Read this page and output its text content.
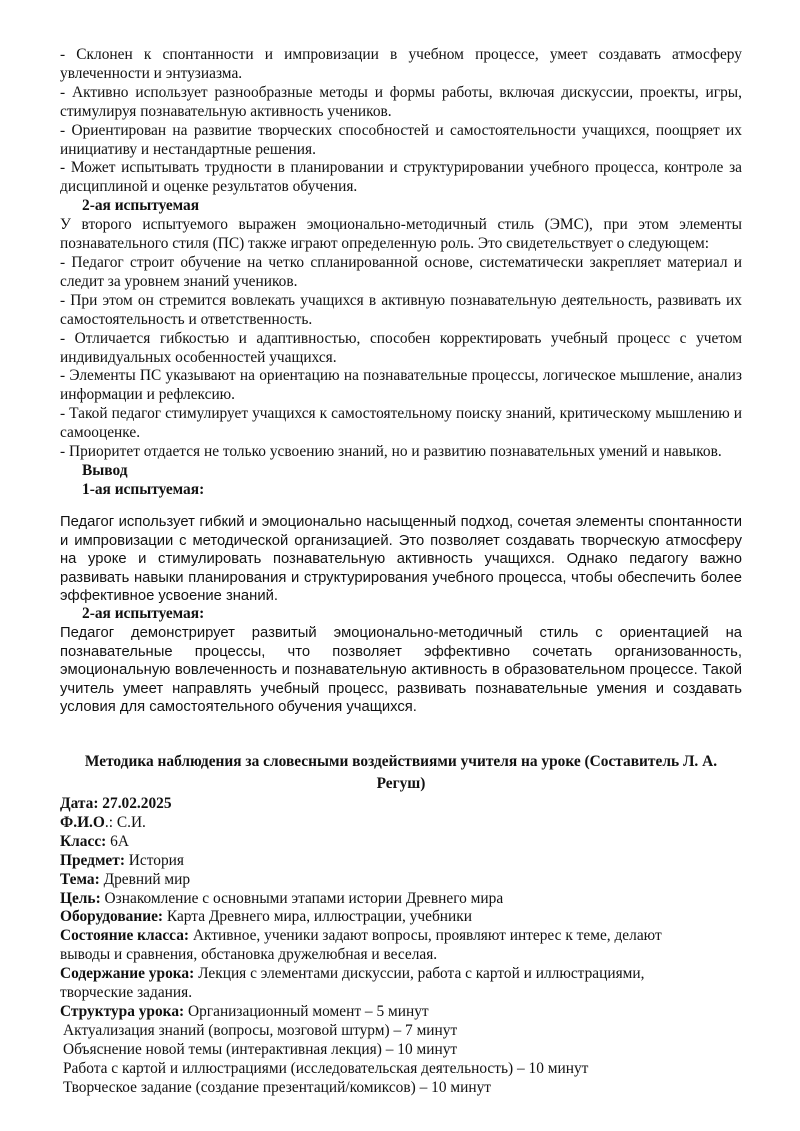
- Склонен к спонтанности и импровизации в учебном процессе, умеет создавать атмосферу увлеченности и энтузиазма.
- Активно использует разнообразные методы и формы работы, включая дискуссии, проекты, игры, стимулируя познавательную активность учеников.
- Ориентирован на развитие творческих способностей и самостоятельности учащихся, поощряет их инициативу и нестандартные решения.
- Может испытывать трудности в планировании и структурировании учебного процесса, контроле за дисциплиной и оценке результатов обучения.
2-ая испытуемая
У второго испытуемого выражен эмоционально-методичный стиль (ЭМС), при этом элементы познавательного стиля (ПС) также играют определенную роль. Это свидетельствует о следующем:
- Педагог строит обучение на четко спланированной основе, систематически закрепляет материал и следит за уровнем знаний учеников.
- При этом он стремится вовлекать учащихся в активную познавательную деятельность, развивать их самостоятельность и ответственность.
- Отличается гибкостью и адаптивностью, способен корректировать учебный процесс с учетом индивидуальных особенностей учащихся.
- Элементы ПС указывают на ориентацию на познавательные процессы, логическое мышление, анализ информации и рефлексию.
- Такой педагог стимулирует учащихся к самостоятельному поиску знаний, критическому мышлению и самооценке.
- Приоритет отдается не только усвоению знаний, но и развитию познавательных умений и навыков.
Вывод
1-ая испытуемая:
Педагог использует гибкий и эмоционально насыщенный подход, сочетая элементы спонтанности и импровизации с методической организацией. Это позволяет создавать творческую атмосферу на уроке и стимулировать познавательную активность учащихся. Однако педагогу важно развивать навыки планирования и структурирования учебного процесса, чтобы обеспечить более эффективное усвоение знаний.
2-ая испытуемая:
Педагог демонстрирует развитый эмоционально-методичный стиль с ориентацией на познавательные процессы, что позволяет эффективно сочетать организованность, эмоциональную вовлеченность и познавательную активность в образовательном процессе. Такой учитель умеет направлять учебный процесс, развивать познавательные умения и создавать условия для самостоятельного обучения учащихся.
Методика наблюдения за словесными воздействиями учителя на уроке (Составитель Л. А. Регуш)
Дата: 27.02.2025
Ф.И.О.: С.И.
Класс: 6А
Предмет: История
Тема: Древний мир
Цель: Ознакомление с основными этапами истории Древнего мира
Оборудование: Карта Древнего мира, иллюстрации, учебники
Состояние класса: Активное, ученики задают вопросы, проявляют интерес к теме, делают выводы и сравнения, обстановка дружелюбная и веселая.
Содержание урока: Лекция с элементами дискуссии, работа с картой и иллюстрациями, творческие задания.
Структура урока: Организационный момент – 5 минут
Актуализация знаний (вопросы, мозговой штурм) – 7 минут
Объяснение новой темы (интерактивная лекция) – 10 минут
Работа с картой и иллюстрациями (исследовательская деятельность) – 10 минут
Творческое задание (создание презентаций/комиксов) – 10 минут
